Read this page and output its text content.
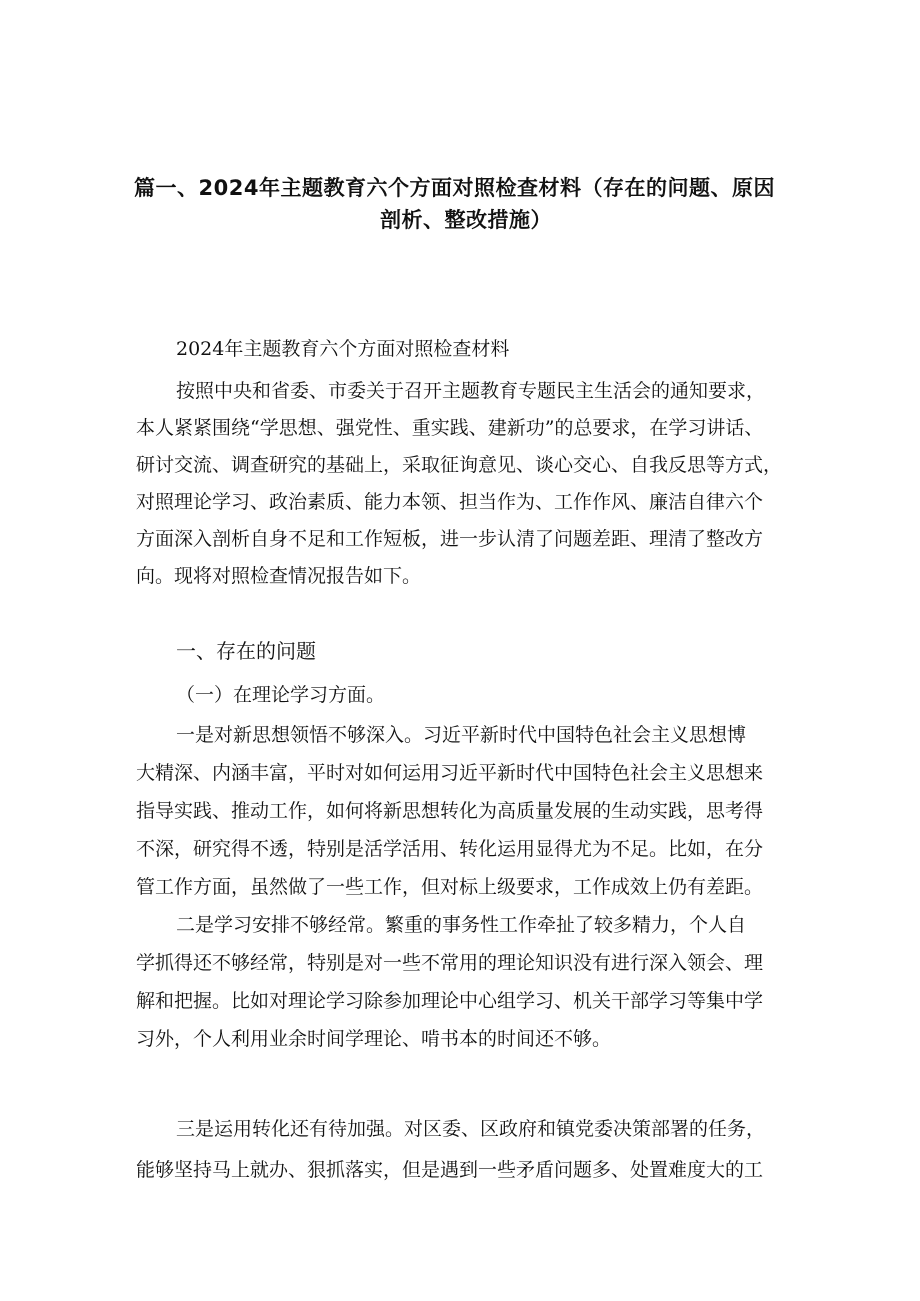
篇一、2024年主题教育六个方面对照检查材料（存在的问题、原因
剖析、整改措施）
2024年主题教育六个方面对照检查材料
按照中央和省委、市委关于召开主题教育专题民主生活会的通知要求，
本人紧紧围绕“学思想、强党性、重实践、建新功”的总要求，在学习讲话、
研讨交流、调查研究的基础上，采取征询意见、谈心交心、自我反思等方式，
对照理论学习、政治素质、能力本领、担当作为、工作作风、廉洁自律六个
方面深入剖析自身不足和工作短板，进一步认清了问题差距、理清了整改方
向。现将对照检查情况报告如下。
一、存在的问题
（一）在理论学习方面。
一是对新思想领悟不够深入。习近平新时代中国特色社会主义思想博
大精深、内涵丰富，平时对如何运用习近平新时代中国特色社会主义思想来
指导实践、推动工作，如何将新思想转化为高质量发展的生动实践，思考得
不深，研究得不透，特别是活学活用、转化运用显得尤为不足。比如，在分
管工作方面，虽然做了一些工作，但对标上级要求，工作成效上仍有差距。
二是学习安排不够经常。繁重的事务性工作牵扯了较多精力，个人自
学抓得还不够经常，特别是对一些不常用的理论知识没有进行深入领会、理
解和把握。比如对理论学习除参加理论中心组学习、机关干部学习等集中学
习外，个人利用业余时间学理论、啃书本的时间还不够。
三是运用转化还有待加强。对区委、区政府和镇党委决策部署的任务，
能够坚持马上就办、狠抓落实，但是遇到一些矛盾问题多、处置难度大的工
